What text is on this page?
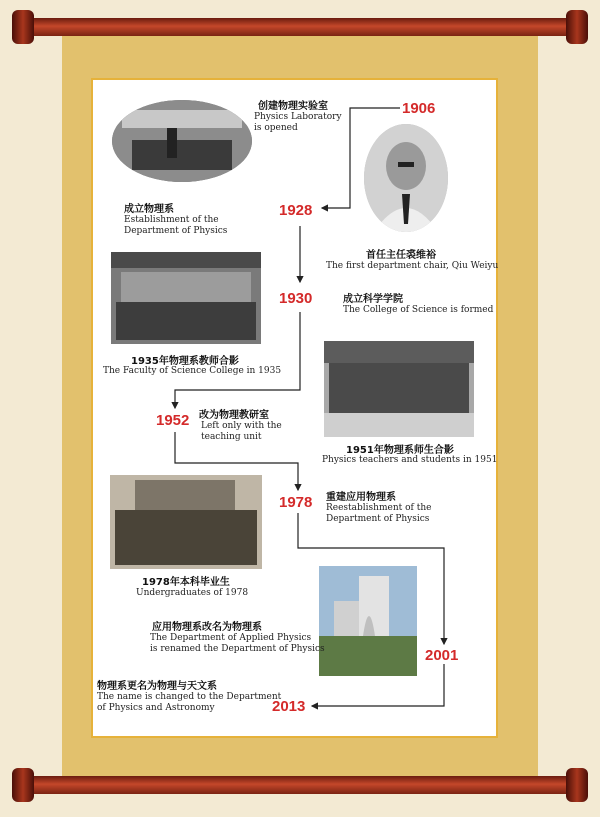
1906
1928
1930
1952
1978
2001
2013
创建物理实验室
Physics Laboratory
is opened
成立物理系
Establishment of the
Department of Physics
首任主任裘维裕
The first department chair, Qiu Weiyu
成立科学学院
The College of Science is formed
1935年物理系教师合影
The Faculty of Science College in 1935
改为物理教研室
Left only with the
teaching unit
1951年物理系师生合影
Physics teachers and students in 1951
重建应用物理系
Reestablishment of the
Department of Physics
1978年本科毕业生
Undergraduates of 1978
应用物理系改名为物理系
The Department of Applied Physics
is renamed the Department of Physics
物理系更名为物理与天文系
The name is changed to the Department
of Physics and Astronomy
